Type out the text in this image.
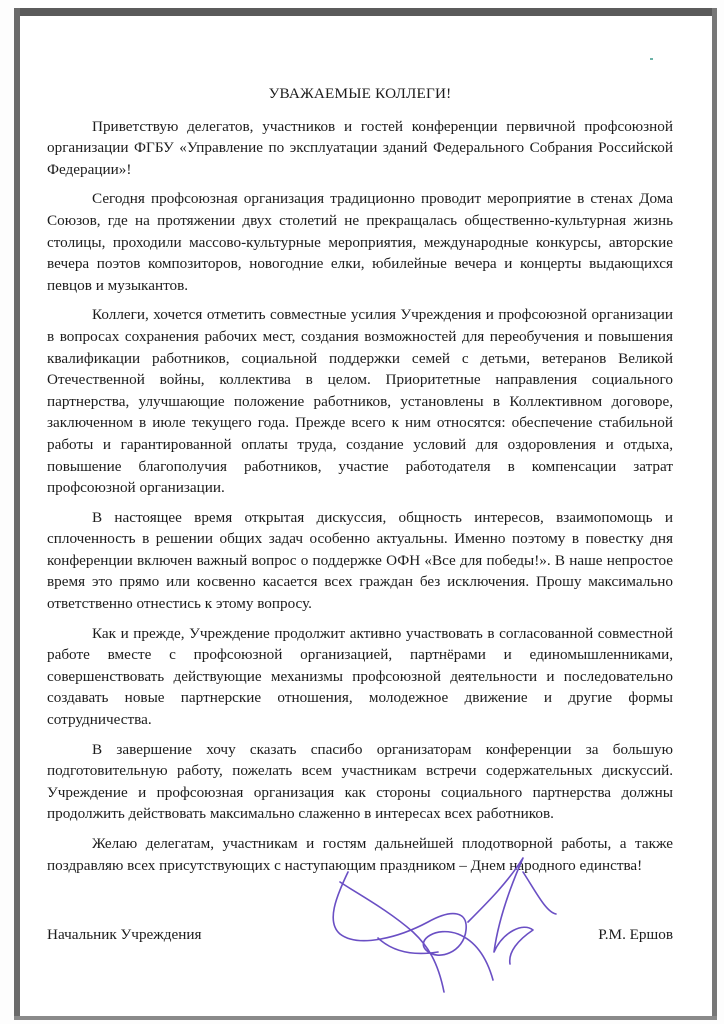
УВАЖАЕМЫЕ КОЛЛЕГИ!

Приветствую делегатов, участников и гостей конференции первичной профсоюзной организации ФГБУ «Управление по эксплуатации зданий Федерального Собрания Российской Федерации»!

Сегодня профсоюзная организация традиционно проводит мероприятие в стенах Дома Союзов, где на протяжении двух столетий не прекращалась общественно-культурная жизнь столицы, проходили массово-культурные мероприятия, международные конкурсы, авторские вечера поэтов композиторов, новогодние елки, юбилейные вечера и концерты выдающихся певцов и музыкантов.

Коллеги, хочется отметить совместные усилия Учреждения и профсоюзной организации в вопросах сохранения рабочих мест, создания возможностей для переобучения и повышения квалификации работников, социальной поддержки семей с детьми, ветеранов Великой Отечественной войны, коллектива в целом. Приоритетные направления социального партнерства, улучшающие положение работников, установлены в Коллективном договоре, заключенном в июле текущего года. Прежде всего к ним относятся: обеспечение стабильной работы и гарантированной оплаты труда, создание условий для оздоровления и отдыха, повышение благополучия работников, участие работодателя в компенсации затрат профсоюзной организации.

В настоящее время открытая дискуссия, общность интересов, взаимопомощь и сплоченность в решении общих задач особенно актуальны. Именно поэтому в повестку дня конференции включен важный вопрос о поддержке ОФН «Все для победы!». В наше непростое время это прямо или косвенно касается всех граждан без исключения. Прошу максимально ответственно отнестись к этому вопросу.

Как и прежде, Учреждение продолжит активно участвовать в согласованной совместной работе вместе с профсоюзной организацией, партнёрами и единомышленниками, совершенствовать действующие механизмы профсоюзной деятельности и последовательно создавать новые партнерские отношения, молодежное движение и другие формы сотрудничества.

В завершение хочу сказать спасибо организаторам конференции за большую подготовительную работу, пожелать всем участникам встречи содержательных дискуссий. Учреждение и профсоюзная организация как стороны социального партнерства должны продолжить действовать максимально слаженно в интересах всех работников.

Желаю делегатам, участникам и гостям дальнейшей плодотворной работы, а также поздравляю всех присутствующих с наступающим праздником – Днем народного единства!

Начальник Учреждения	Р.М. Ершов
